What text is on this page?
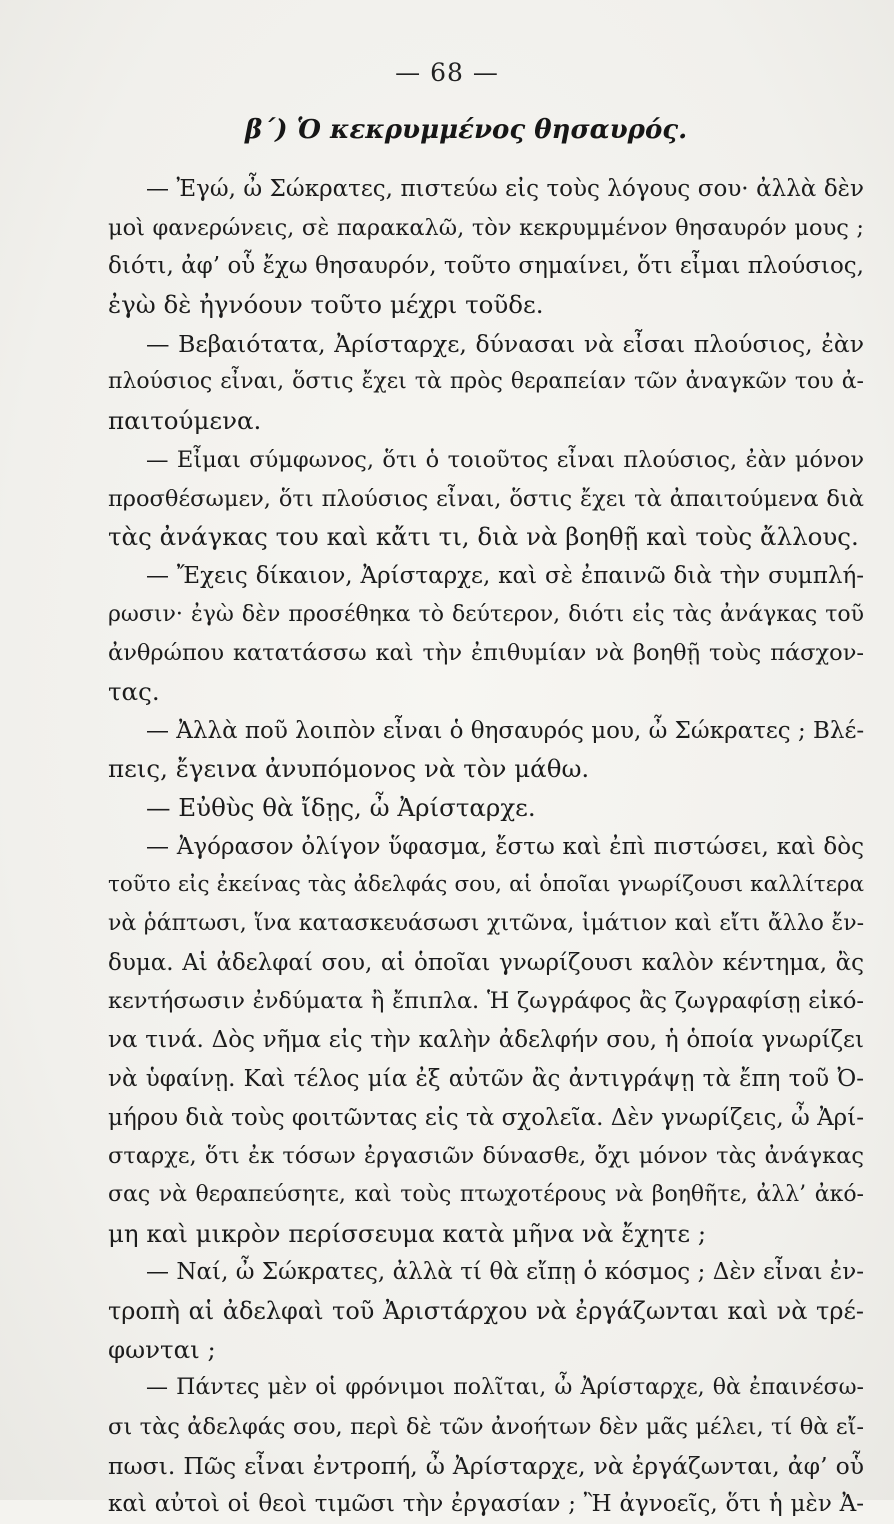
— 68 —
β΄) Ὁ κεκρυμμένος θησαυρός.
— Ἐγώ, ὦ Σώκρατες, πιστεύω εἰς τοὺς λόγους σου· ἀλλὰ δὲν
μοὶ φανερώνεις, σὲ παρακαλῶ, τὸν κεκρυμμένον θησαυρόν μους ;
διότι, ἀφ’ οὗ ἔχω θησαυρόν, τοῦτο σημαίνει, ὅτι εἶμαι πλούσιος,
ἐγὼ δὲ ἠγνόουν τοῦτο μέχρι τοῦδε.
— Βεβαιότατα, Ἀρίσταρχε, δύνασαι νὰ εἶσαι πλούσιος, ἐὰν
πλούσιος εἶναι, ὅστις ἔχει τὰ πρὸς θεραπείαν τῶν ἀναγκῶν του ἀ-
παιτούμενα.
— Εἶμαι σύμφωνος, ὅτι ὁ τοιοῦτος εἶναι πλούσιος, ἐὰν μόνον
προσθέσωμεν, ὅτι πλούσιος εἶναι, ὅστις ἔχει τὰ ἀπαιτούμενα διὰ
τὰς ἀνάγκας του καὶ κἄτι τι, διὰ νὰ βοηθῇ καὶ τοὺς ἄλλους.
— Ἔχεις δίκαιον, Ἀρίσταρχε, καὶ σὲ ἐπαινῶ διὰ τὴν συμπλή-
ρωσιν· ἐγὼ δὲν προσέθηκα τὸ δεύτερον, διότι εἰς τὰς ἀνάγκας τοῦ
ἀνθρώπου κατατάσσω καὶ τὴν ἐπιθυμίαν νὰ βοηθῇ τοὺς πάσχον-
τας.
— Ἀλλὰ ποῦ λοιπὸν εἶναι ὁ θησαυρός μου, ὦ Σώκρατες ; Βλέ-
πεις, ἔγεινα ἀνυπόμονος νὰ τὸν μάθω.
— Εὐθὺς θὰ ἴδῃς, ὦ Ἀρίσταρχε.
— Ἀγόρασον ὀλίγον ὕφασμα, ἔστω καὶ ἐπὶ πιστώσει, καὶ δὸς
τοῦτο εἰς ἐκείνας τὰς ἀδελφάς σου, αἱ ὁποῖαι γνωρίζουσι καλλίτερα
νὰ ῥάπτωσι, ἵνα κατασκευάσωσι χιτῶνα, ἱμάτιον καὶ εἴτι ἄλλο ἔν-
δυμα. Αἱ ἀδελφαί σου, αἱ ὁποῖαι γνωρίζουσι καλὸν κέντημα, ἂς
κεντήσωσιν ἐνδύματα ἢ ἔπιπλα. Ἡ ζωγράφος ἂς ζωγραφίσῃ εἰκό-
να τινά. Δὸς νῆμα εἰς τὴν καλὴν ἀδελφήν σου, ἡ ὁποία γνωρίζει
νὰ ὑφαίνῃ. Καὶ τέλος μία ἐξ αὐτῶν ἂς ἀντιγράψῃ τὰ ἔπη τοῦ Ὀ-
μήρου διὰ τοὺς φοιτῶντας εἰς τὰ σχολεῖα. Δὲν γνωρίζεις, ὦ Ἀρί-
σταρχε, ὅτι ἐκ τόσων ἐργασιῶν δύνασθε, ὄχι μόνον τὰς ἀνάγκας
σας νὰ θεραπεύσητε, καὶ τοὺς πτωχοτέρους νὰ βοηθῆτε, ἀλλ’ ἀκό-
μη καὶ μικρὸν περίσσευμα κατὰ μῆνα νὰ ἔχητε ;
— Ναί, ὦ Σώκρατες, ἀλλὰ τί θὰ εἴπῃ ὁ κόσμος ; Δὲν εἶναι ἐν-
τροπὴ αἱ ἀδελφαὶ τοῦ Ἀριστάρχου νὰ ἐργάζωνται καὶ νὰ τρέ-
φωνται ;
— Πάντες μὲν οἱ φρόνιμοι πολῖται, ὦ Ἀρίσταρχε, θὰ ἐπαινέσω-
σι τὰς ἀδελφάς σου, περὶ δὲ τῶν ἀνοήτων δὲν μᾶς μέλει, τί θὰ εἴ-
πωσι. Πῶς εἶναι ἐντροπή, ὦ Ἀρίσταρχε, νὰ ἐργάζωνται, ἀφ’ οὗ
καὶ αὐτοὶ οἱ θεοὶ τιμῶσι τὴν ἐργασίαν ; Ἢ ἀγνοεῖς, ὅτι ἡ μὲν Ἀ-
